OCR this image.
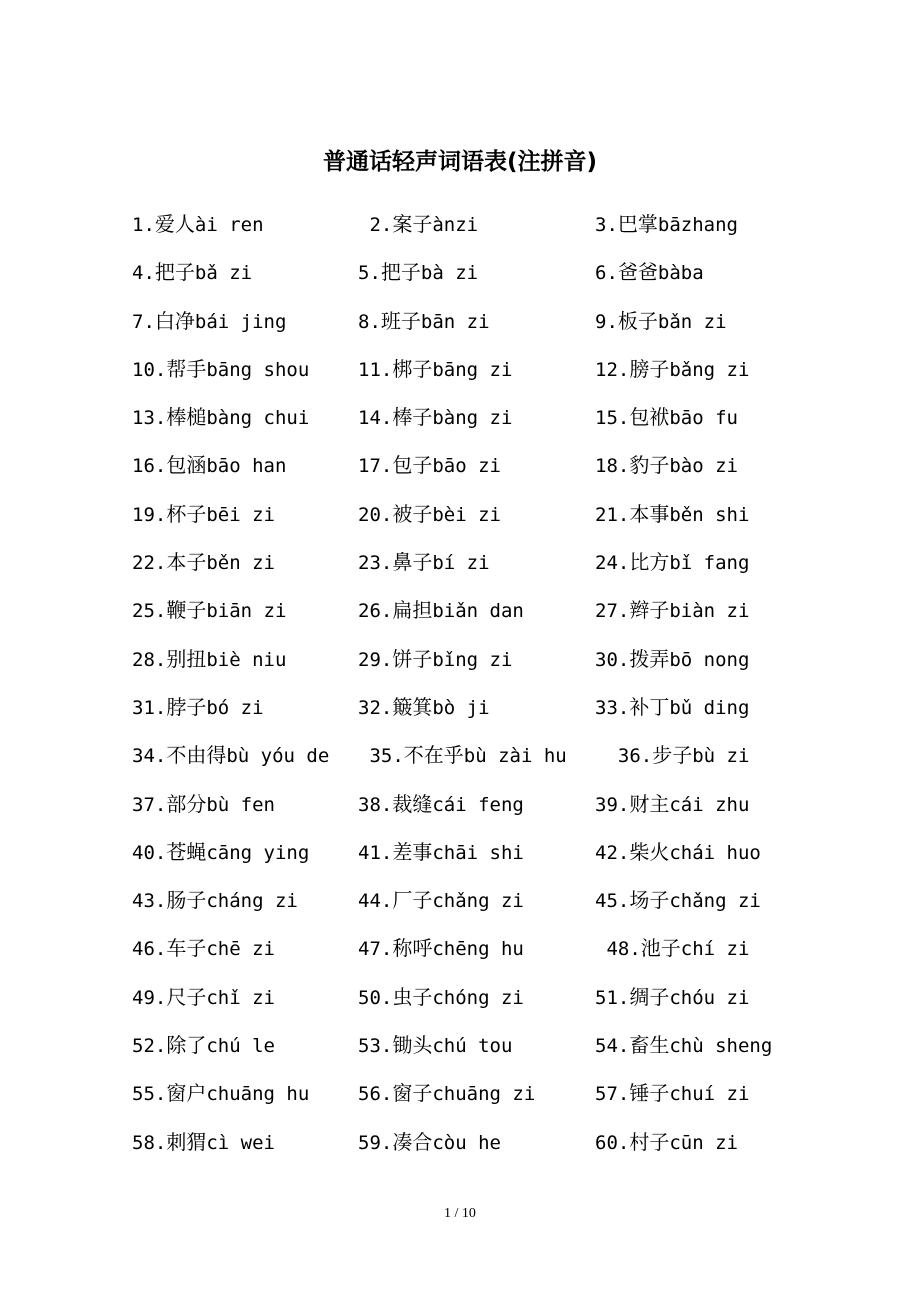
普通话轻声词语表(注拼音)
1.爱人ài ren	2.案子ànzi	3.巴掌bāzhang
4.把子bǎ zi	5.把子bà zi	6.爸爸bàba
7.白净bái jing	8.班子bān zi	9.板子bǎn zi
10.帮手bāng shou	11.梆子bāng zi	12.膀子bǎng zi
13.棒槌bàng chui	14.棒子bàng zi	15.包袱bāo fu
16.包涵bāo han	17.包子bāo zi	18.豹子bào zi
19.杯子bēi zi	20.被子bèi zi	21.本事běn shi
22.本子běn zi	23.鼻子bí zi	24.比方bǐ fang
25.鞭子biān zi	26.扁担biǎn dan	27.辫子biàn zi
28.别扭biè niu	29.饼子bǐng zi	30.拨弄bō nong
31.脖子bó zi	32.簸箕bò ji	33.补丁bǔ ding
34.不由得bù yóu de 35.不在乎bù zài hu 36.步子bù zi
37.部分bù fen	38.裁缝cái feng	39.财主cái zhu
40.苍蝇cāng ying	41.差事chāi shi	42.柴火chái huo
43.肠子cháng zi	44.厂子chǎng zi	45.场子chǎng zi
46.车子chē zi	47.称呼chēng hu	48.池子chí zi
49.尺子chǐ zi	50.虫子chóng zi	51.绸子chóu zi
52.除了chú le	53.锄头chú tou	54.畜生chù sheng
55.窗户chuāng hu	56.窗子chuāng zi	57.锤子chuí zi
58.刺猬cì wei	59.凑合còu he	60.村子cūn zi
1 / 10
